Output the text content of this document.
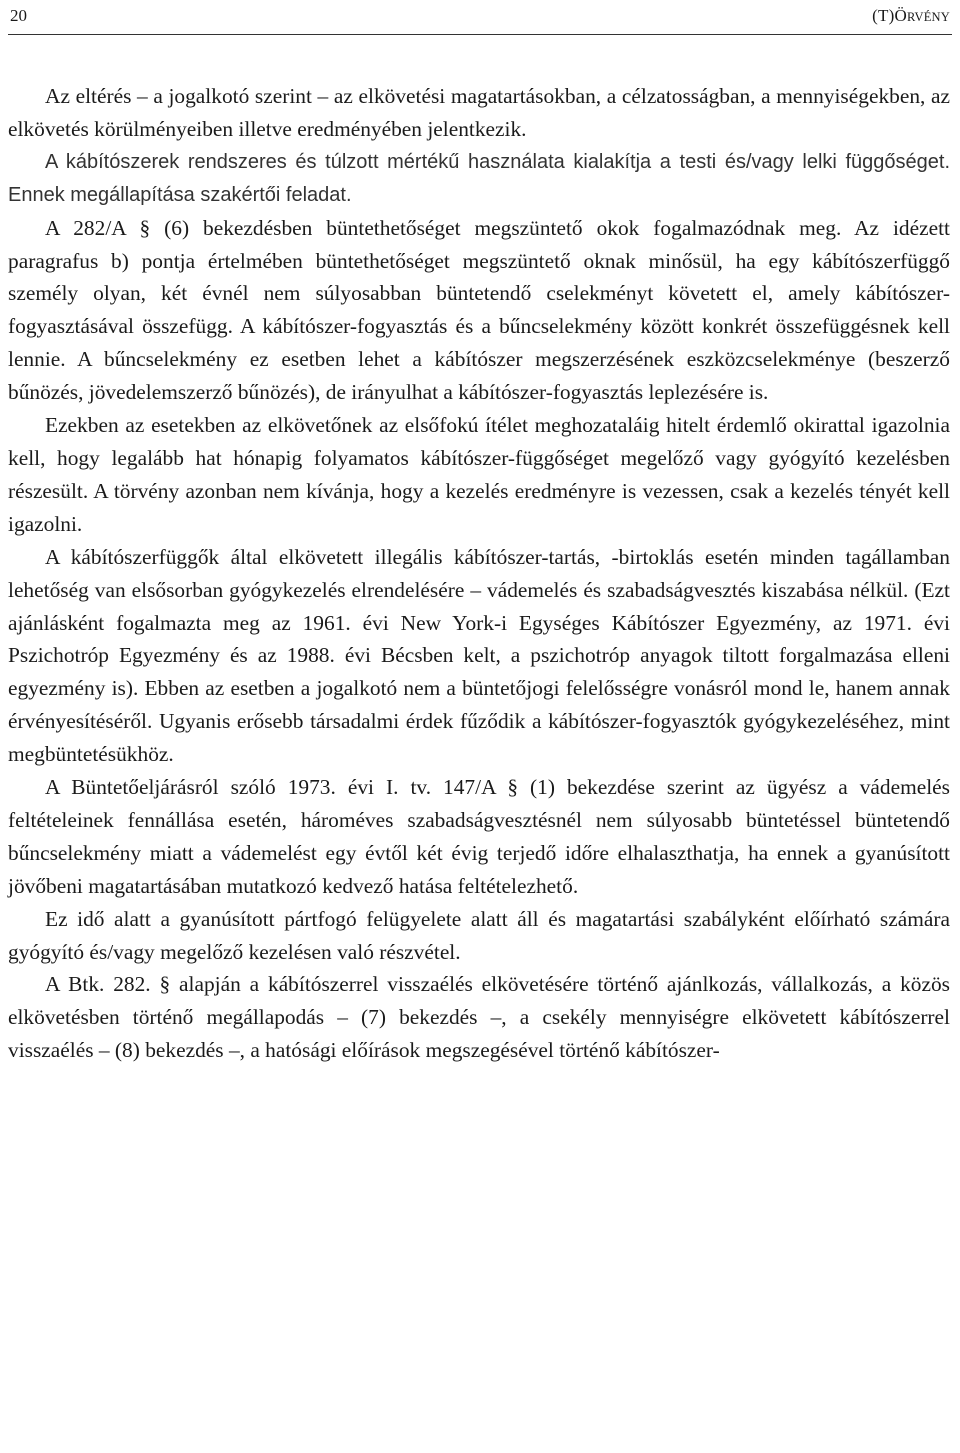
20	(T)ÖRVÉNY

Az eltérés – a jogalkotó szerint – az elkövetési magatartásokban, a célzatosságban, a mennyiségekben, az elkövetés körülményeiben illetve eredményében jelentkezik.

A kábítószerek rendszeres és túlzott mértékű használata kialakítja a testi és/vagy lelki függőséget. Ennek megállapítása szakértői feladat.

A 282/A § (6) bekezdésben büntethetőséget megszüntető okok fogalmazódnak meg. Az idézett paragrafus b) pontja értelmében büntethetőséget megszüntető oknak minősül, ha egy kábítószerfüggő személy olyan, két évnél nem súlyosabban büntetendő cselekményt követett el, amely kábítószer-fogyasztásával összefügg. A kábítószer-fogyasztás és a bűncselekmény között konkrét összefüggésnek kell lennie. A bűncselekmény ez esetben lehet a kábítószer megszerzésének eszközcselekménye (beszerző bűnözés, jövedelemszerző bűnözés), de irányulhat a kábítószer-fogyasztás leplezésére is.

Ezekben az esetekben az elkövetőnek az elsőfokú ítélet meghozataláig hitelt érdemlő okirattal igazolnia kell, hogy legalább hat hónapig folyamatos kábítószer-függőséget megelőző vagy gyógyító kezelésben részesült. A törvény azonban nem kívánja, hogy a kezelés eredményre is vezessen, csak a kezelés tényét kell igazolni.

A kábítószerfüggők által elkövetett illegális kábítószer-tartás, -birtoklás esetén minden tagállamban lehetőség van elsősorban gyógykezelés elrendelésére – vádemelés és szabadságvesztés kiszabása nélkül. (Ezt ajánlásként fogalmazta meg az 1961. évi New York-i Egységes Kábítószer Egyezmény, az 1971. évi Pszichotróp Egyezmény és az 1988. évi Bécsben kelt, a pszichotróp anyagok tiltott forgalmazása elleni egyezmény is). Ebben az esetben a jogalkotó nem a büntetőjogi felelősségre vonásról mond le, hanem annak érvényesítéséről. Ugyanis erősebb társadalmi érdek fűződik a kábítószer-fogyasztók gyógykezeléséhez, mint megbüntetésükhöz.

A Büntetőeljárásról szóló 1973. évi I. tv. 147/A § (1) bekezdése szerint az ügyész a vádemelés feltételeinek fennállása esetén, hároméves szabadságvesztésnél nem súlyosabb büntetéssel büntetendő bűncselekmény miatt a vádemelést egy évtől két évig terjedő időre elhalaszthatja, ha ennek a gyanúsított jövőbeni magatartásában mutatkozó kedvező hatása feltételezhető.

Ez idő alatt a gyanúsított pártfogó felügyelete alatt áll és magatartási szabályként előírható számára gyógyító és/vagy megelőző kezelésen való részvétel.

A Btk. 282. § alapján a kábítószerrel visszaélés elkövetésére történő ajánlkozás, vállalkozás, a közös elkövetésben történő megállapodás – (7) bekezdés –, a csekély mennyiségre elkövetett kábítószerrel visszaélés – (8) bekezdés –, a hatósági előírások megszegésével történő kábítószer-
